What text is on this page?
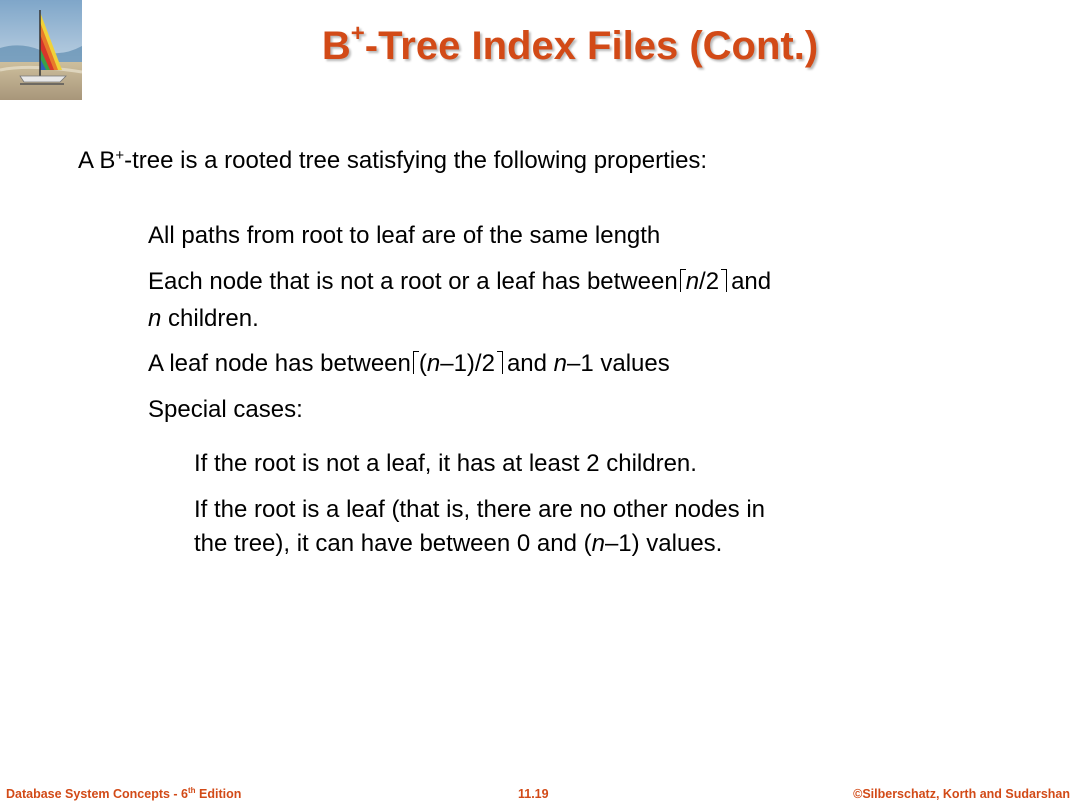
B+-Tree Index Files (Cont.)
A B+-tree is a rooted tree satisfying the following properties:
All paths from root to leaf are of the same length
Each node that is not a root or a leaf has between n/2 and
n children.
A leaf node has between (n–1)/2 and n–1 values
Special cases:
If the root is not a leaf, it has at least 2 children.
If the root is a leaf (that is, there are no other nodes in
the tree), it can have between 0 and (n–1) values.
Database System Concepts - 6th Edition	11.19	©Silberschatz, Korth and Sudarshan
